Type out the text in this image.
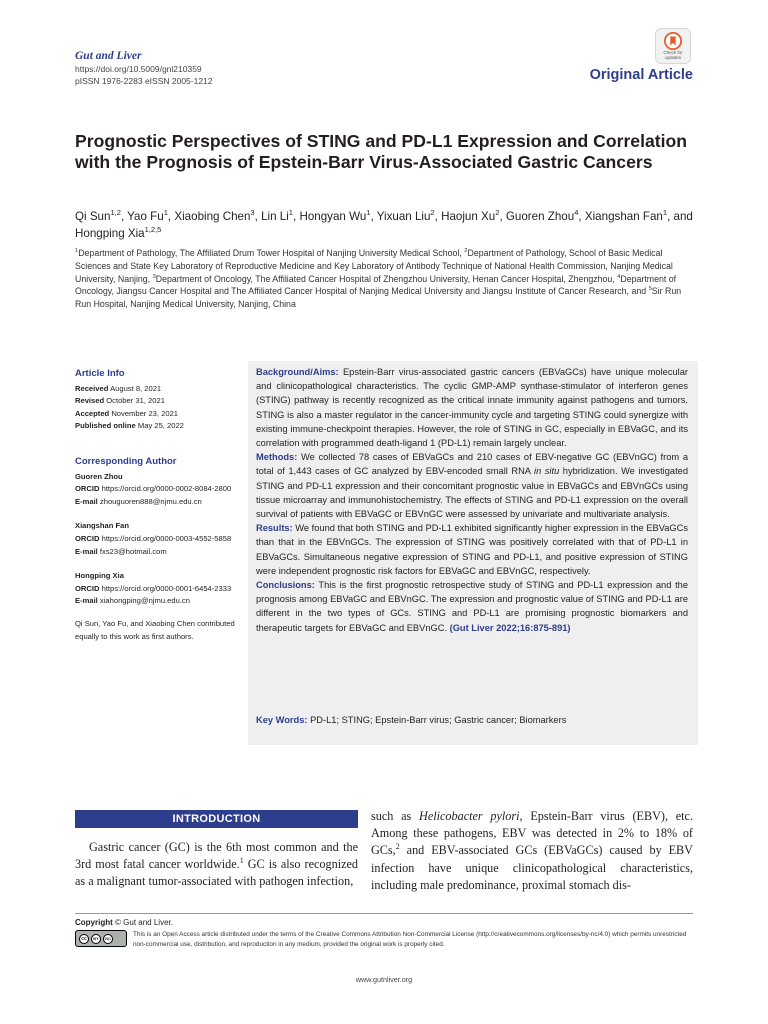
Gut and Liver
https://doi.org/10.5009/gnl210359
pISSN 1976-2283 eISSN 2005-1212
Check for updates
Original Article
Prognostic Perspectives of STING and PD-L1 Expression and Correlation with the Prognosis of Epstein-Barr Virus-Associated Gastric Cancers
Qi Sun$^{1,2}$, Yao Fu$^1$, Xiaobing Chen$^3$, Lin Li$^1$, Hongyan Wu$^1$, Yixuan Liu$^2$, Haojun Xu$^2$, Guoren Zhou$^4$, Xiangshan Fan$^1$, and Hongping Xia$^{1,2,5}$
$^1$Department of Pathology, The Affiliated Drum Tower Hospital of Nanjing University Medical School, $^2$Department of Pathology, School of Basic Medical Sciences and State Key Laboratory of Reproductive Medicine and Key Laboratory of Antibody Technique of National Health Commission, Nanjing Medical University, Nanjing, $^3$Department of Oncology, The Affiliated Cancer Hospital of Zhengzhou University, Henan Cancer Hospital, Zhengzhou, $^4$Department of Oncology, Jiangsu Cancer Hospital and The Affiliated Cancer Hospital of Nanjing Medical University and Jiangsu Institute of Cancer Research, and $^5$Sir Run Run Hospital, Nanjing Medical University, Nanjing, China
Article Info
Received August 8, 2021
Revised October 31, 2021
Accepted November 23, 2021
Published online May 25, 2022
Corresponding Author
Guoren Zhou
ORCID https://orcid.org/0000-0002-8084-2800
E-mail zhouguoren888@njmu.edu.cn
Xiangshan Fan
ORCID https://orcid.org/0000-0003-4552-5858
E-mail fxs23@hotmail.com
Hongping Xia
ORCID https://orcid.org/0000-0001-6454-2333
E-mail xiahongping@njmu.edu.cn
Qi Sun, Yao Fu, and Xiaobing Chen contributed equally to this work as first authors.
Background/Aims: Epstein-Barr virus-associated gastric cancers (EBVaGCs) have unique molecular and clinicopathological characteristics. The cyclic GMP-AMP synthase-stimulator of interferon genes (STING) pathway is recently recognized as the critical innate immunity against pathogens and tumors. STING is also a master regulator in the cancer-immunity cycle and targeting STING could synergize with existing immune-checkpoint therapies. However, the role of STING in GC, especially in EBVaGC, and its correlation with programmed death-ligand 1 (PD-L1) remain largely unclear.
Methods: We collected 78 cases of EBVaGCs and 210 cases of EBV-negative GC (EBVnGC) from a total of 1,443 cases of GC analyzed by EBV-encoded small RNA in situ hybridization. We investigated STING and PD-L1 expression and their concomitant prognostic value in EBVaGCs and EBVnGCs using tissue microarray and immunohistochemistry. The effects of STING and PD-L1 expression on the overall survival of patients with EBVaGC or EBVnGC were assessed by univariate and multivariate analysis.
Results: We found that both STING and PD-L1 exhibited significantly higher expression in the EBVaGCs than that in the EBVnGCs. The expression of STING was positively correlated with that of PD-L1 in EBVaGCs. Simultaneous negative expression of STING and PD-L1, and positive expression of STING were independent prognostic risk factors for EBVaGC and EBVnGC, respectively.
Conclusions: This is the first prognostic retrospective study of STING and PD-L1 expression and the prognosis among EBVaGC and EBVnGC. The expression and prognostic value of STING and PD-L1 are different in the two types of GCs. STING and PD-L1 are promising prognostic biomarkers and therapeutic targets for EBVaGC and EBVnGC. (Gut Liver 2022;16:875-891)
Key Words: PD-L1; STING; Epstein-Barr virus; Gastric cancer; Biomarkers
INTRODUCTION
Gastric cancer (GC) is the 6th most common and the 3rd most fatal cancer worldwide.$^1$ GC is also recognized as a malignant tumor-associated with pathogen infection,
such as Helicobacter pylori, Epstein-Barr virus (EBV), etc. Among these pathogens, EBV was detected in 2% to 18% of GCs,$^2$ and EBV-associated GCs (EBVaGCs) caused by EBV infection have unique clinicopathological characteristics, including male predominance, proximal stomach dis-
Copyright © Gut and Liver.
cc	BY	NC	This is an Open Access article distributed under the terms of the Creative Commons Attribution Non-Commercial License (http://creativecommons.org/licenses/by-nc/4.0) which permits unrestricted non-commercial use, distribution, and reproduction in any medium, provided the original work is properly cited.
www.gutnliver.org
